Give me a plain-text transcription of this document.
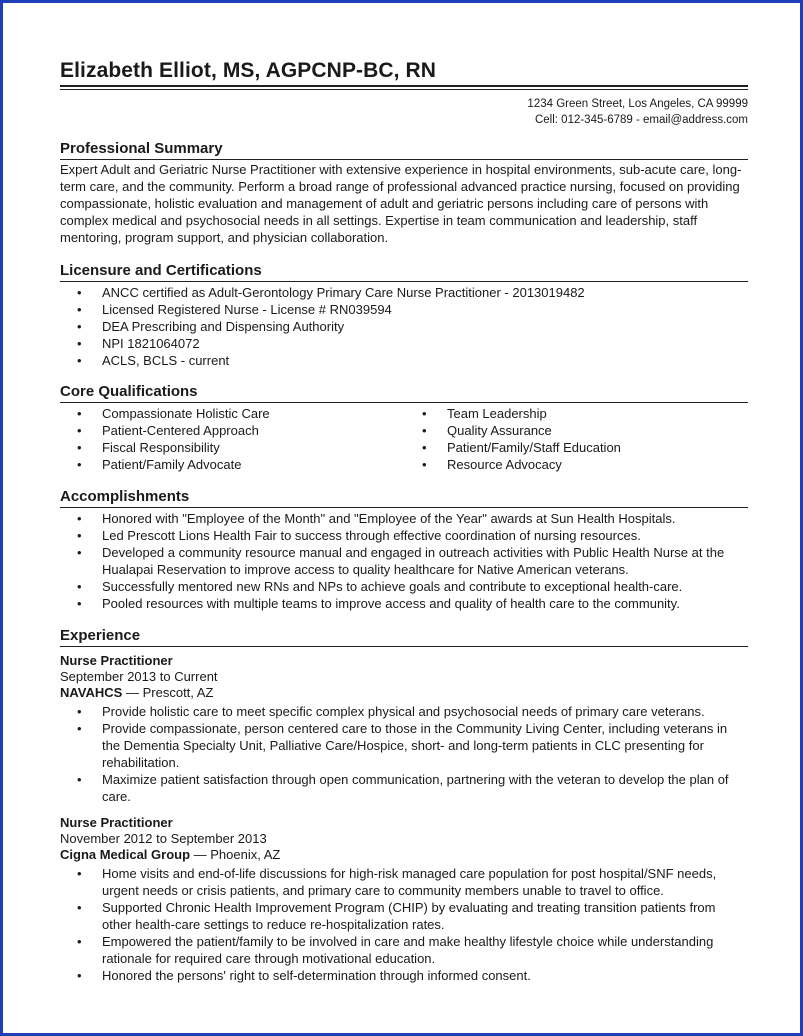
Elizabeth Elliot, MS, AGPCNP-BC, RN
1234 Green Street, Los Angeles, CA 99999
Cell: 012-345-6789 - email@address.com
Professional Summary
Expert Adult and Geriatric Nurse Practitioner with extensive experience in hospital environments, sub-acute care, long-term care, and the community. Perform a broad range of professional advanced practice nursing, focused on providing compassionate, holistic evaluation and management of adult and geriatric persons including care of persons with complex medical and psychosocial needs in all settings. Expertise in team communication and leadership, staff mentoring, program support, and physician collaboration.
Licensure and Certifications
• ANCC certified as Adult-Gerontology Primary Care Nurse Practitioner - 2013019482
• Licensed Registered Nurse - License # RN039594
• DEA Prescribing and Dispensing Authority
• NPI 1821064072
• ACLS, BCLS - current
Core Qualifications
• Compassionate Holistic Care
• Patient-Centered Approach
• Fiscal Responsibility
• Patient/Family Advocate
• Team Leadership
• Quality Assurance
• Patient/Family/Staff Education
• Resource Advocacy
Accomplishments
• Honored with "Employee of the Month" and "Employee of the Year" awards at Sun Health Hospitals.
• Led Prescott Lions Health Fair to success through effective coordination of nursing resources.
• Developed a community resource manual and engaged in outreach activities with Public Health Nurse at the Hualapai Reservation to improve access to quality healthcare for Native American veterans.
• Successfully mentored new RNs and NPs to achieve goals and contribute to exceptional health-care.
• Pooled resources with multiple teams to improve access and quality of health care to the community.
Experience
Nurse Practitioner
September 2013 to Current
NAVAHCS — Prescott, AZ
• Provide holistic care to meet specific complex physical and psychosocial needs of primary care veterans.
• Provide compassionate, person centered care to those in the Community Living Center, including veterans in the Dementia Specialty Unit, Palliative Care/Hospice, short- and long-term patients in CLC presenting for rehabilitation.
• Maximize patient satisfaction through open communication, partnering with the veteran to develop the plan of care.
Nurse Practitioner
November 2012 to September 2013
Cigna Medical Group — Phoenix, AZ
• Home visits and end-of-life discussions for high-risk managed care population for post hospital/SNF needs, urgent needs or crisis patients, and primary care to community members unable to travel to office.
• Supported Chronic Health Improvement Program (CHIP) by evaluating and treating transition patients from other health-care settings to reduce re-hospitalization rates.
• Empowered the patient/family to be involved in care and make healthy lifestyle choice while understanding rationale for required care through motivational education.
• Honored the persons' right to self-determination through informed consent.
